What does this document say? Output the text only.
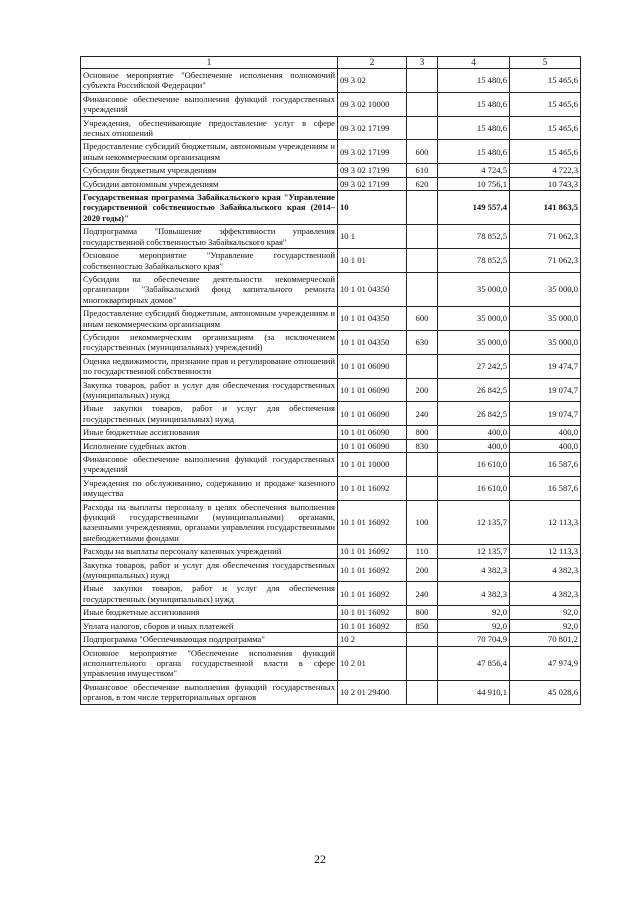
1	2	3	4	5
Основное мероприятие "Обеспечение исполнения полномочий субъекта Российской Федерации"	09 3 02		15 480,6	15 465,6
Финансовое обеспечение выполнения функций государственных учреждений	09 3 02 10000		15 480,6	15 465,6
Учреждения, обеспечивающие предоставление услуг в сфере лесных отношений	09 3 02 17199		15 480,6	15 465,6
Предоставление субсидий бюджетным, автономным учреждениям и иным некоммерческим организациям	09 3 02 17199	600	15 480,6	15 465,6
Субсидии бюджетным учреждениям	09 3 02 17199	610	4 724,5	4 722,3
Субсидии автономным учреждениям	09 3 02 17199	620	10 756,1	10 743,3
Государственная программа Забайкальского края "Управление государственной собственностью Забайкальского края (2014–2020 годы)"	10		149 557,4	141 863,5
Подпрограмма "Повышение эффективности управления государственной собственностью Забайкальского края"	10 1		78 852,5	71 062,3
Основное мероприятие "Управление государственной собственностью Забайкальского края"	10 1 01		78 852,5	71 062,3
Субсидии на обеспечение деятельности некоммерческой организации "Забайкальский фонд капитального ремонта многоквартирных домов"	10 1 01 04350		35 000,0	35 000,0
Предоставление субсидий бюджетным, автономным учреждениям и иным некоммерческим организациям	10 1 01 04350	600	35 000,0	35 000,0
Субсидии некоммерческим организациям (за исключением государственных (муниципальных) учреждений)	10 1 01 04350	630	35 000,0	35 000,0
Оценка недвижимости, признание прав и регулирование отношений по государственной собственности	10 1 01 06090		27 242,5	19 474,7
Закупка товаров, работ и услуг для обеспечения государственных (муниципальных) нужд	10 1 01 06090	200	26 842,5	19 074,7
Иные закупки товаров, работ и услуг для обеспечения государственных (муниципальных) нужд	10 1 01 06090	240	26 842,5	19 074,7
Иные бюджетные ассигнования	10 1 01 06090	800	400,0	400,0
Исполнение судебных актов	10 1 01 06090	830	400,0	400,0
Финансовое обеспечение выполнения функций государственных учреждений	10 1 01 10000		16 610,0	16 587,6
Учреждения по обслуживанию, содержанию и продаже казенного имущества	10 1 01 16092		16 610,0	16 587,6
Расходы на выплаты персоналу в целях обеспечения выполнения функций государственными (муниципальными) органами, казенными учреждениями, органами управления государственными внебюджетными фондами	10 1 01 16092	100	12 135,7	12 113,3
Расходы на выплаты персоналу казенных учреждений	10 1 01 16092	110	12 135,7	12 113,3
Закупка товаров, работ и услуг для обеспечения государственных (муниципальных) нужд	10 1 01 16092	200	4 382,3	4 382,3
Иные закупки товаров, работ и услуг для обеспечения государственных (муниципальных) нужд	10 1 01 16092	240	4 382,3	4 382,3
Иные бюджетные ассигнования	10 1 01 16092	800	92,0	92,0
Уплата налогов, сборов и иных платежей	10 1 01 16092	850	92,0	92,0
Подпрограмма "Обеспечивающая подпрограмма"	10 2		70 704,9	70 801,2
Основное мероприятие "Обеспечение исполнения функций исполнительного органа государственной власти в сфере управления имуществом"	10 2 01		47 856,4	47 974,9
Финансовое обеспечение выполнения функций государственных органов, в том числе территориальных органов	10 2 01 29400		44 910,1	45 028,6
22
